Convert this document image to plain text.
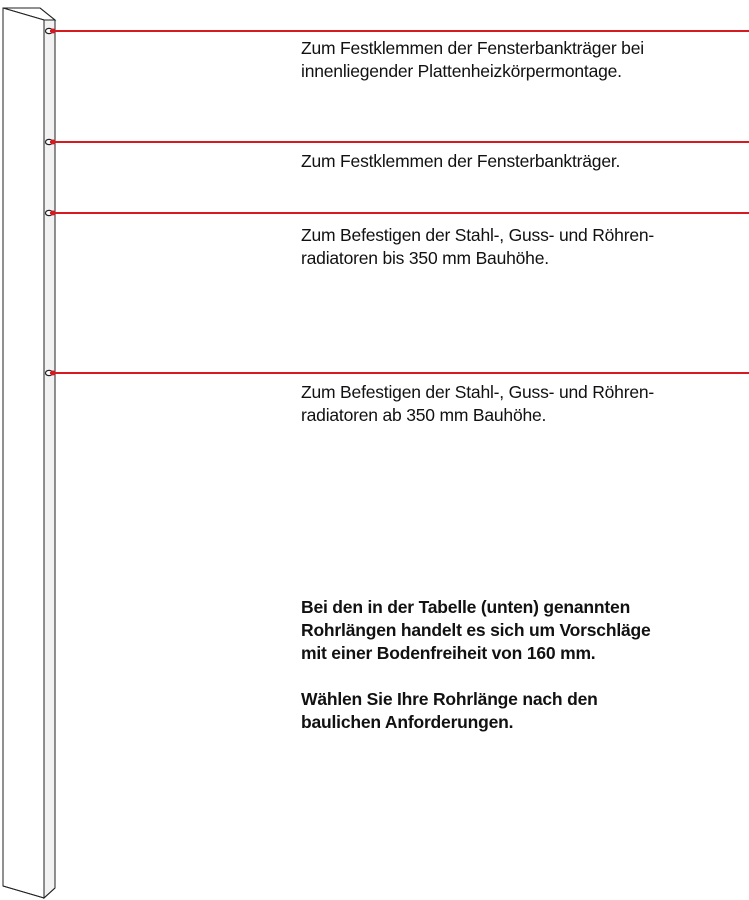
Zum Festklemmen der Fensterbankträger bei
innenliegender Plattenheizkörpermontage.
Zum Festklemmen der Fensterbankträger.
Zum Befestigen der Stahl-, Guss- und Röhren-
radiatoren bis 350 mm Bauhöhe.
Zum Befestigen der Stahl-, Guss- und Röhren-
radiatoren ab 350 mm Bauhöhe.

Bei den in der Tabelle (unten) genannten
Rohrlängen handelt es sich um Vorschläge
mit einer Bodenfreiheit von 160 mm.

Wählen Sie Ihre Rohrlänge nach den
baulichen Anforderungen.
